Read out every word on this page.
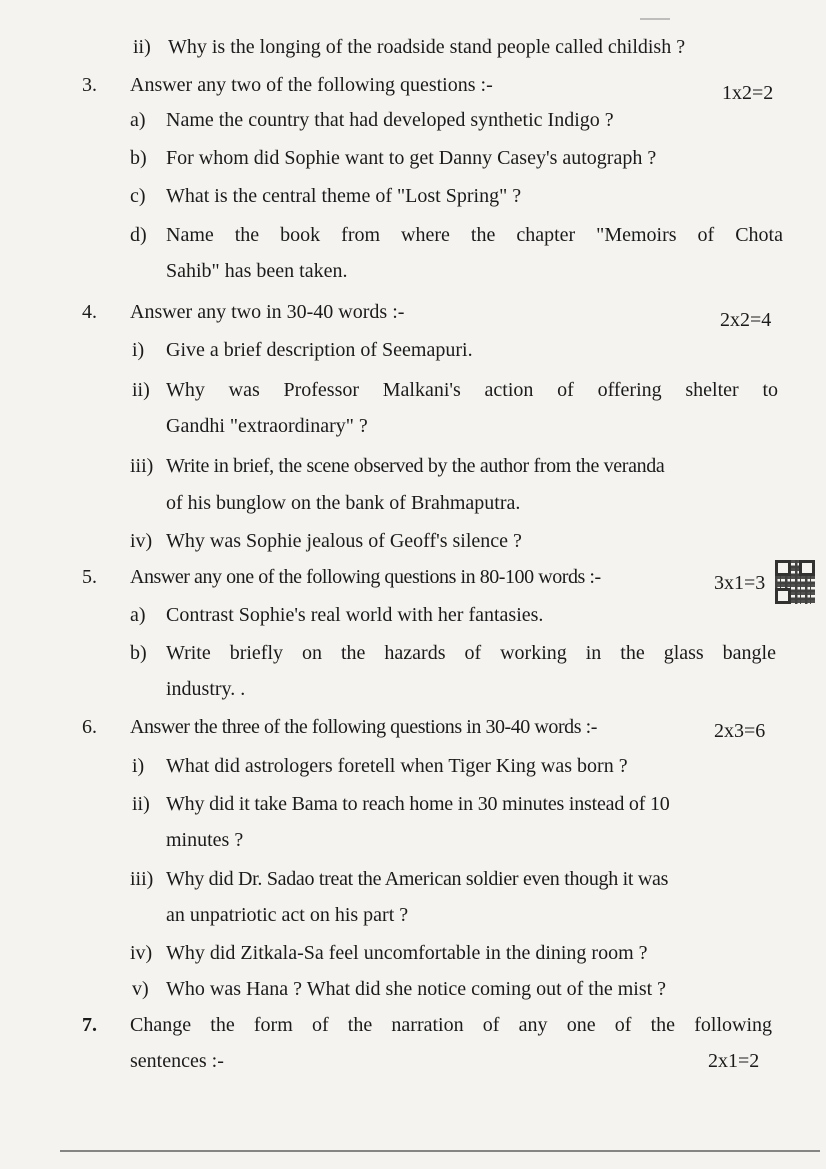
ii) Why is the longing of the roadside stand people called childish ?
3. Answer any two of the following questions :-	1x2=2
a) Name the country that had developed synthetic Indigo ?
b) For whom did Sophie want to get Danny Casey's autograph ?
c) What is the central theme of "Lost Spring" ?
d) Name the book from where the chapter "Memoirs of Chota
Sahib" has been taken.
4. Answer any two in 30-40 words :-	2x2=4
i) Give a brief description of Seemapuri.
ii) Why was Professor Malkani's action of offering shelter to
Gandhi "extraordinary" ?
iii) Write in brief, the scene observed by the author from the veranda
of his bunglow on the bank of Brahmaputra.
iv) Why was Sophie jealous of Geoff's silence ?
5. Answer any one of the following questions in 80-100 words :-	3x1=3
a) Contrast Sophie's real world with her fantasies.
b) Write briefly on the hazards of working in the glass bangle
industry. .
6. Answer the three of the following questions in 30-40 words :-	2x3=6
i) What did astrologers foretell when Tiger King was born ?
ii) Why did it take Bama to reach home in 30 minutes instead of 10
minutes ?
iii) Why did Dr. Sadao treat the American soldier even though it was
an unpatriotic act on his part ?
iv) Why did Zitkala-Sa feel uncomfortable in the dining room ?
v) Who was Hana ? What did she notice coming out of the mist ?
7. Change the form of the narration of any one of the following
sentences :-	2x1=2
